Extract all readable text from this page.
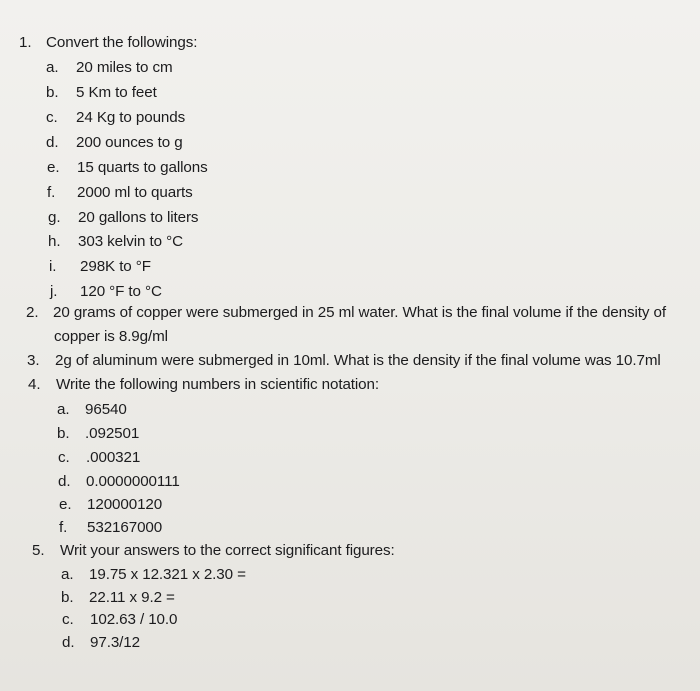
1. Convert the followings:
a. 20 miles to cm
b. 5 Km to feet
c. 24 Kg to pounds
d. 200 ounces to g
e. 15 quarts to gallons
f. 2000 ml to quarts
g. 20 gallons to liters
h. 303 kelvin to °C
i. 298K to °F
j. 120 °F to °C
2. 20 grams of copper were submerged in 25 ml water. What is the final volume if the density of
copper is 8.9g/ml
3. 2g of aluminum were submerged in 10ml. What is the density if the final volume was 10.7ml
4. Write the following numbers in scientific notation:
a. 96540
b. .092501
c. .000321
d. 0.0000000111
e. 120000120
f. 532167000
5. Writ your answers to the correct significant figures:
a. 19.75 x 12.321 x 2.30 =
b. 22.11 x 9.2 =
c. 102.63 / 10.0
d. 97.3/12
